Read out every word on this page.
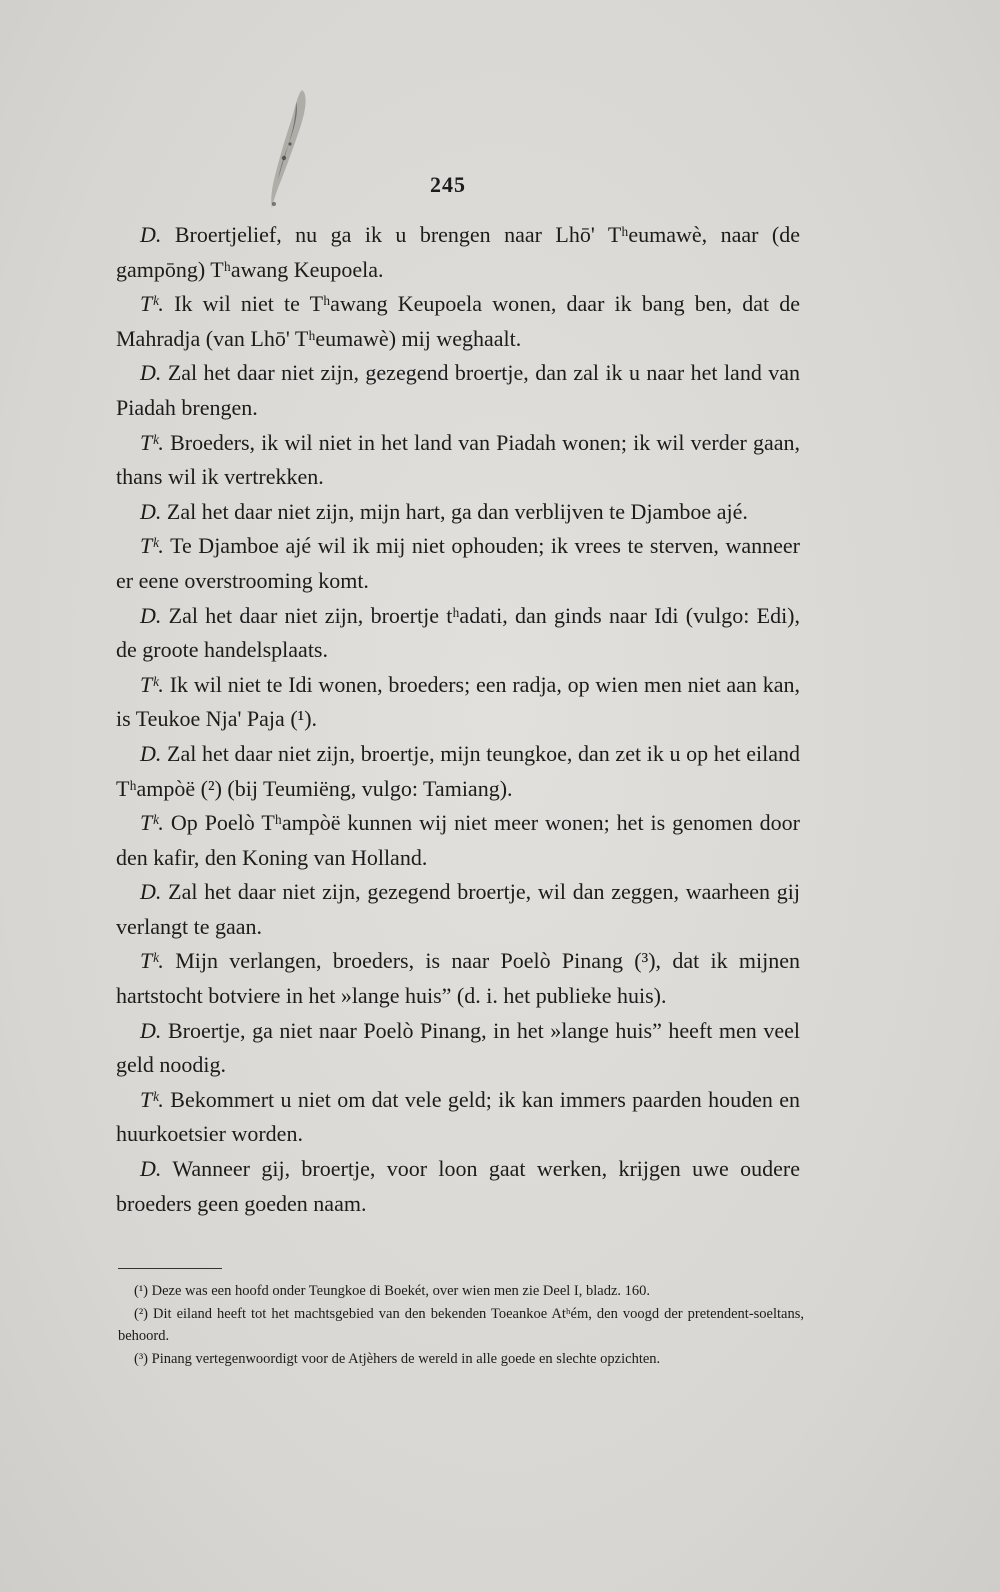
245

D. Broertjelief, nu ga ik u brengen naar Lhō' Tʰeumawè, naar (de gampōng) Tʰawang Keupoela.

Tᵏ. Ik wil niet te Tʰawang Keupoela wonen, daar ik bang ben, dat de Mahradja (van Lhō' Tʰeumawè) mij weghaalt.

D. Zal het daar niet zijn, gezegend broertje, dan zal ik u naar het land van Piadah brengen.

Tᵏ. Broeders, ik wil niet in het land van Piadah wonen; ik wil verder gaan, thans wil ik vertrekken.

D. Zal het daar niet zijn, mijn hart, ga dan verblijven te Djamboe ajé.

Tᵏ. Te Djamboe ajé wil ik mij niet ophouden; ik vrees te sterven, wanneer er eene overstrooming komt.

D. Zal het daar niet zijn, broertje tʰadati, dan ginds naar Idi (vulgo: Edi), de groote handelsplaats.

Tᵏ. Ik wil niet te Idi wonen, broeders; een radja, op wien men niet aan kan, is Teukoe Nja' Paja (¹).

D. Zal het daar niet zijn, broertje, mijn teungkoe, dan zet ik u op het eiland Tʰampòë (²) (bij Teumiëng, vulgo: Tamiang).

Tᵏ. Op Poelò Tʰampòë kunnen wij niet meer wonen; het is genomen door den kafir, den Koning van Holland.

D. Zal het daar niet zijn, gezegend broertje, wil dan zeggen, waarheen gij verlangt te gaan.

Tᵏ. Mijn verlangen, broeders, is naar Poelò Pinang (³), dat ik mijnen hartstocht botviere in het »lange huis” (d. i. het publieke huis).

D. Broertje, ga niet naar Poelò Pinang, in het »lange huis” heeft men veel geld noodig.

Tᵏ. Bekommert u niet om dat vele geld; ik kan immers paarden houden en huurkoetsier worden.

D. Wanneer gij, broertje, voor loon gaat werken, krijgen uwe oudere broeders geen goeden naam.

(¹) Deze was een hoofd onder Teungkoe di Boekét, over wien men zie Deel I, bladz. 160.

(²) Dit eiland heeft tot het machtsgebied van den bekenden Toeankoe Atʰém, den voogd der pretendent-soeltans, behoord.

(³) Pinang vertegenwoordigt voor de Atjèhers de wereld in alle goede en slechte opzichten.
